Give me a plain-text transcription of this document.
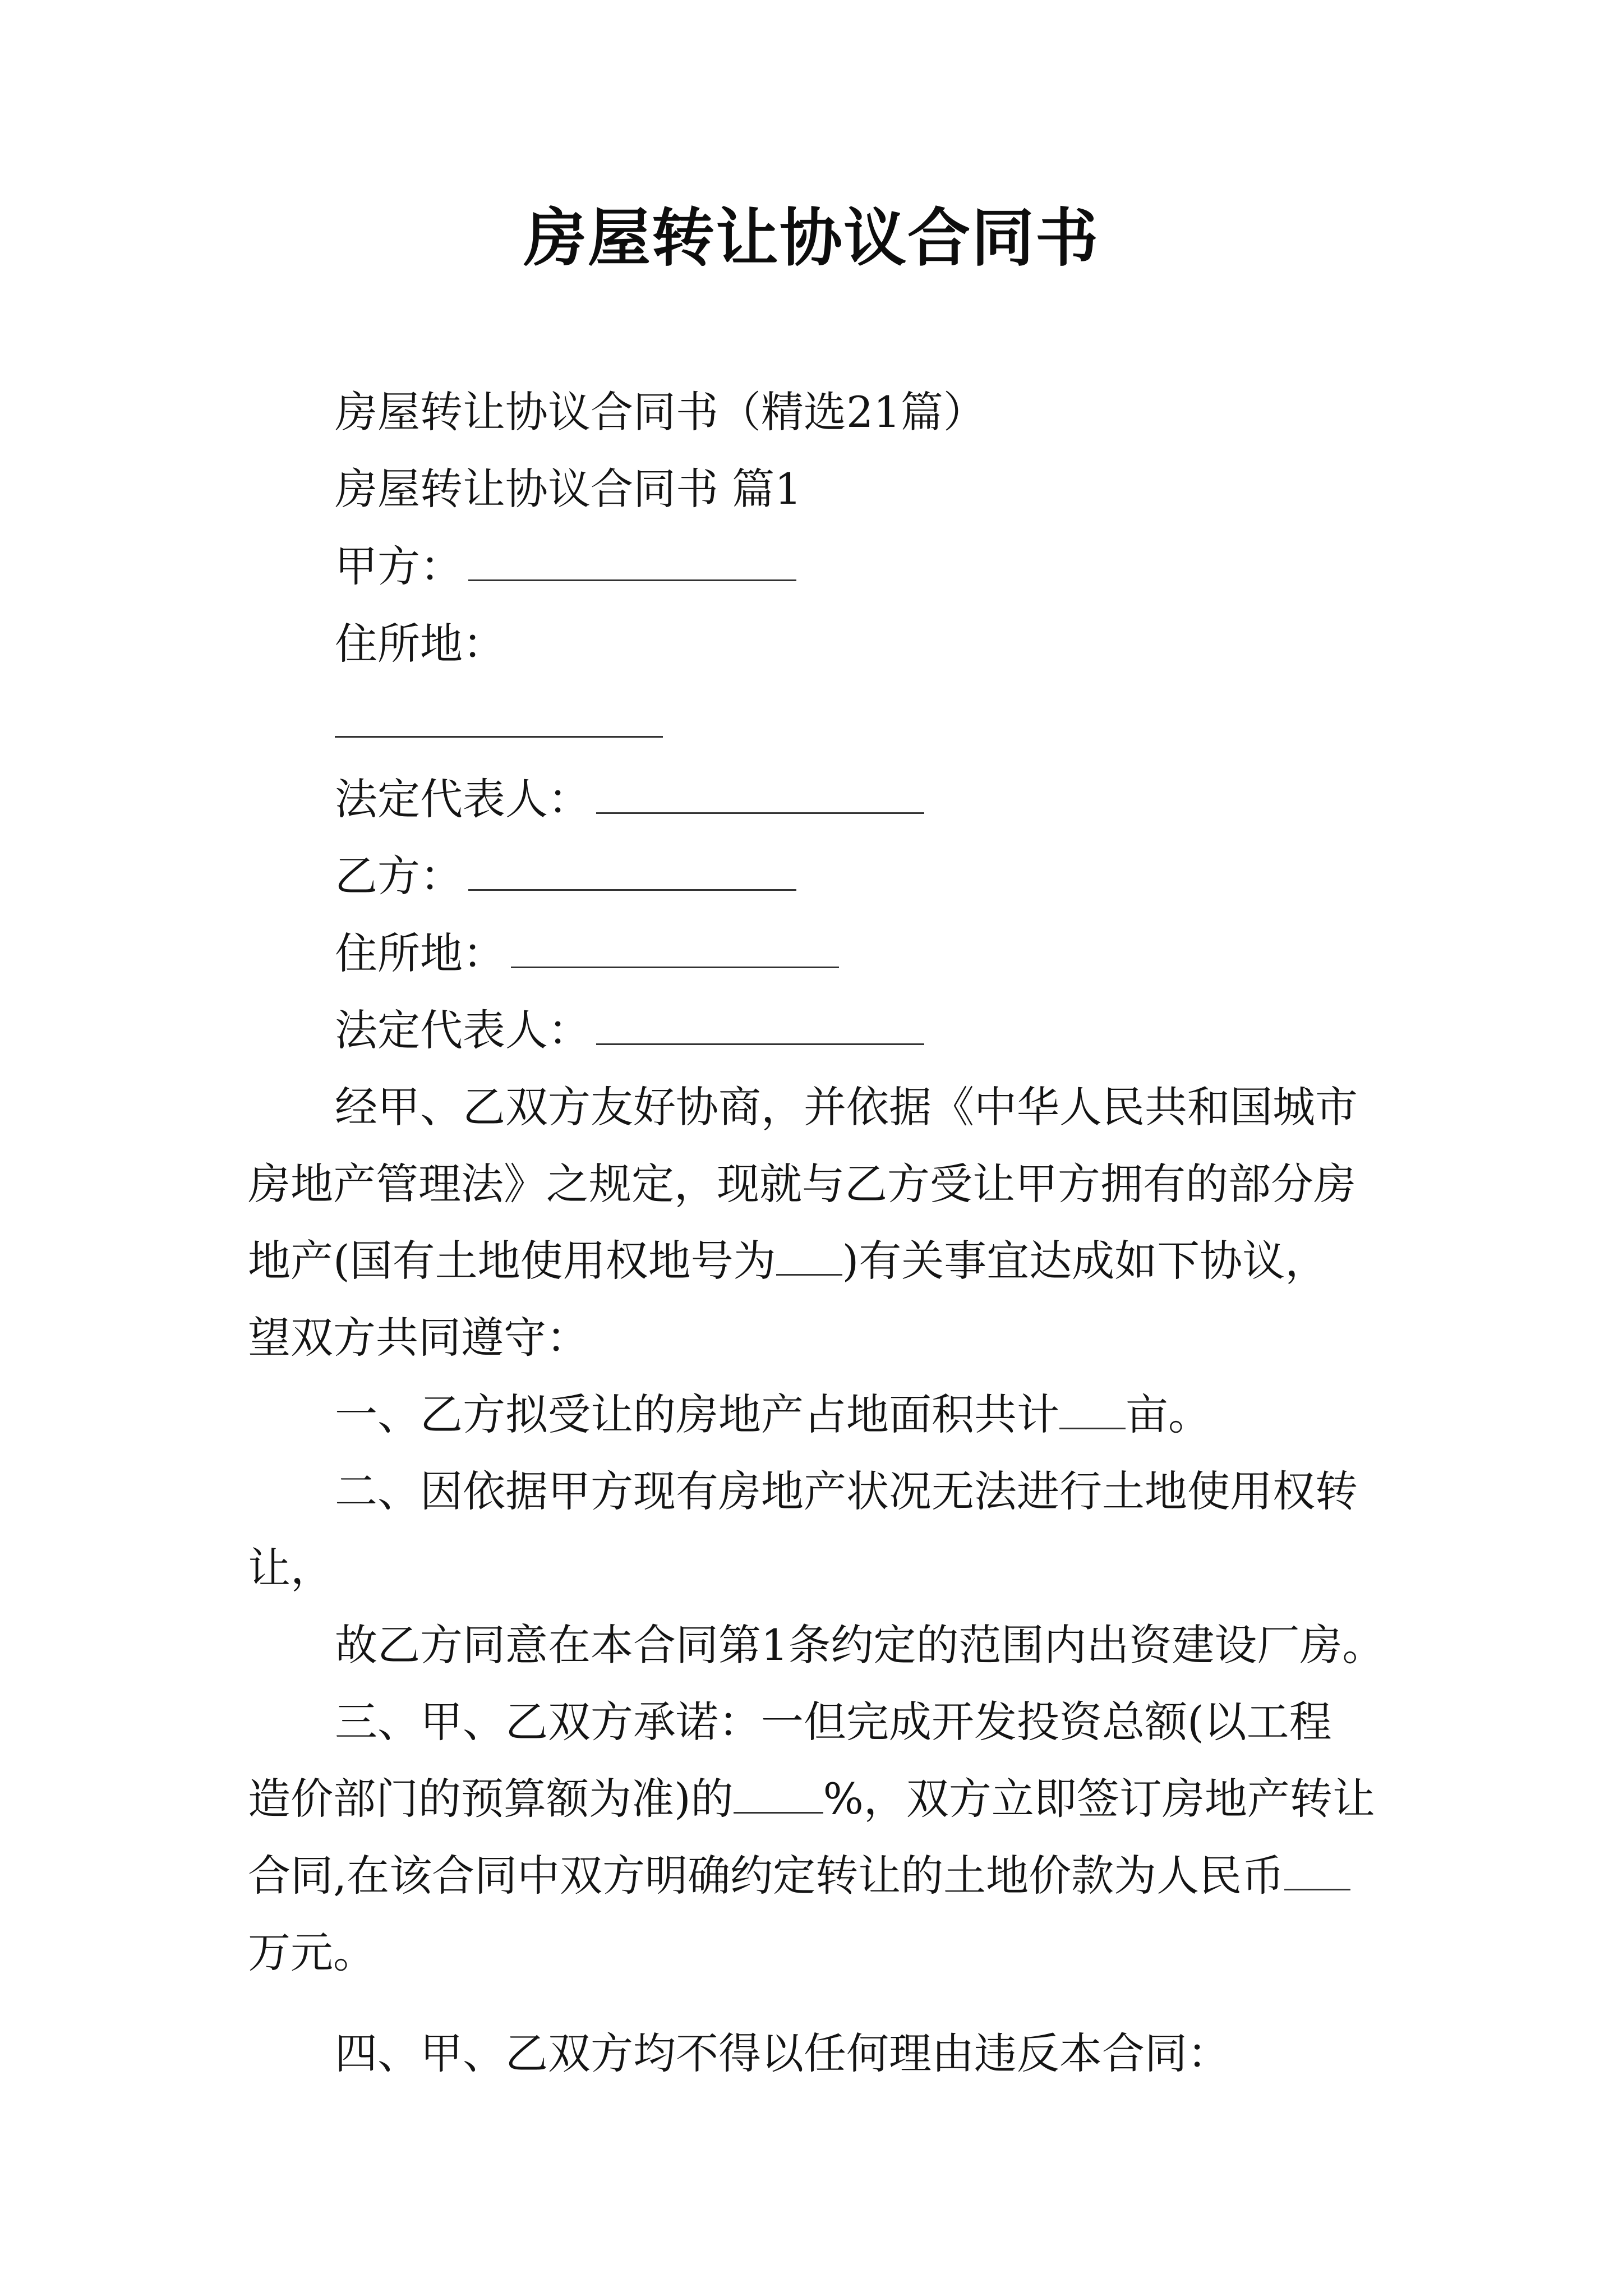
房屋转让协议合同书
房屋转让协议合同书（精选21篇）
房屋转让协议合同书 篇1
甲方：
住所地：
法定代表人：
乙方：
住所地：
法定代表人：
经甲、乙双方友好协商，并依据《中华人民共和国城市
房地产管理法》之规定，现就与乙方受让甲方拥有的部分房
地产(国有土地使用权地号为 )有关事宜达成如下协议，
望双方共同遵守：
一、乙方拟受让的房地产占地面积共计 亩。
二、因依据甲方现有房地产状况无法进行土地使用权转
让，
故乙方同意在本合同第1条约定的范围内出资建设厂房。
三、甲、乙双方承诺：一但完成开发投资总额(以工程
造价部门的预算额为准)的 %，双方立即签订房地产转让
合同,在该合同中双方明确约定转让的土地价款为人民币
万元。
四、甲、乙双方均不得以任何理由违反本合同：
